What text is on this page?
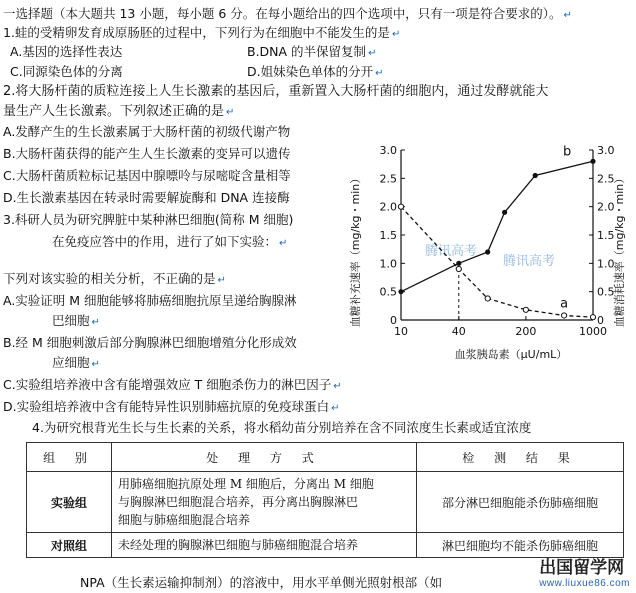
一选择题（本大题共 13 小题，每小题 6 分。在每小题给出的四个选项中，只有一项是符合要求的）。 ↵
1.蛙的受精卵发育成原肠胚的过程中，下列行为在细胞中不能发生的是 ↵
A.基因的选择性表达	B.DNA 的半保留复制 ↵
C.同源染色体的分离	D.姐妹染色单体的分开 ↵
2.将大肠杆菌的质粒连接上人生长激素的基因后，重新置入大肠杆菌的细胞内，通过发酵就能大
量生产人生长激素。下列叙述正确的是 ↵
A.发酵产生的生长激素属于大肠杆菌的初级代谢产物
B.大肠杆菌获得的能产生人生长激素的变异可以遗传
C.大肠杆菌质粒标记基因中腺嘌呤与尿嘧啶含量相等
D.生长激素基因在转录时需要解旋酶和 DNA 连接酶
3.科研人员为研究脾脏中某种淋巴细胞(简称 M 细胞)
在免疫应答中的作用，进行了如下实验： ↵
下列对该实验的相关分析，不正确的是 ↵
A.实验证明 M 细胞能够将肺癌细胞抗原呈递给胸腺淋
巴细胞 ↵
B.经 M 细胞刺激后部分胸腺淋巴细胞增殖分化形成效
应细胞 ↵
C.实验组培养液中含有能增强效应 T 细胞杀伤力的淋巴因子 ↵
D.实验组培养液中含有能特异性识别肺癌抗原的免疫球蛋白 ↵
4.为研究根背光生长与生长素的关系，将水稻幼苗分别培养在含不同浓度生长素或适宜浓度
腾讯高考
腾讯高考
0	0
0.5	0.5
1.0	1.0
1.5	1.5
2.0	2.0
2.5	2.5
3.0	3.0
10	40	200	1000
血糖补充速率（mg/kg・min）	血糖消耗速率（mg/kg・min）
血浆胰岛素（μU/mL）
a
b
组 别	处 理 方 式	检 测 结 果
实验组	用肺癌细胞抗原处理 M 细胞后，分离出 M 细胞
与胸腺淋巴细胞混合培养，再分离出胸腺淋巴
细胞与肺癌细胞混合培养	部分淋巴细胞能杀伤肺癌细胞
对照组	未经处理的胸腺淋巴细胞与肺癌细胞混合培养	淋巴细胞均不能杀伤肺癌细胞
NPA（生长素运输抑制剂）的溶液中，用水平单侧光照射根部（如
出国留学网
www.liuxue86.com
